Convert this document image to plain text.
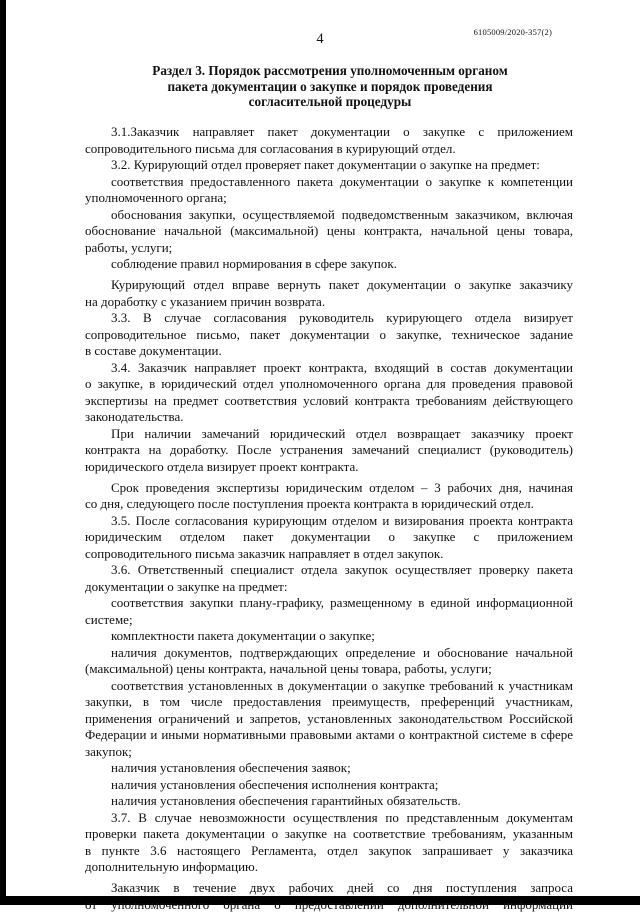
6105009/2020-357(2)
4
Раздел 3. Порядок рассмотрения уполномоченным органом
пакета документации о закупке и порядок проведения
согласительной процедуры
3.1.Заказчик направляет пакет документации о закупке с приложением
сопроводительного письма для согласования в курирующий отдел.
3.2. Курирующий отдел проверяет пакет документации о закупке на предмет:
соответствия предоставленного пакета документации о закупке к компетенции
уполномоченного органа;
обоснования закупки, осуществляемой подведомственным заказчиком, включая
обоснование начальной (максимальной) цены контракта, начальной цены товара,
работы, услуги;
соблюдение правил нормирования в сфере закупок.
Курирующий отдел вправе вернуть пакет документации о закупке заказчику
на доработку с указанием причин возврата.
3.3. В случае согласования руководитель курирующего отдела визирует
сопроводительное письмо, пакет документации о закупке, техническое задание
в составе документации.
3.4. Заказчик направляет проект контракта, входящий в состав документации
о закупке, в юридический отдел уполномоченного органа для проведения правовой
экспертизы на предмет соответствия условий контракта требованиям действующего
законодательства.
При наличии замечаний юридический отдел возвращает заказчику проект
контракта на доработку. После устранения замечаний специалист (руководитель)
юридического отдела визирует проект контракта.
Срок проведения экспертизы юридическим отделом – 3 рабочих дня, начиная
со дня, следующего после поступления проекта контракта в юридический отдел.
3.5. После согласования курирующим отделом и визирования проекта контракта
юридическим отделом пакет документации о закупке с приложением
сопроводительного письма заказчик направляет в отдел закупок.
3.6. Ответственный специалист отдела закупок осуществляет проверку пакета
документации о закупке на предмет:
соответствия закупки плану-графику, размещенному в единой информационной
системе;
комплектности пакета документации о закупке;
наличия документов, подтверждающих определение и обоснование начальной
(максимальной) цены контракта, начальной цены товара, работы, услуги;
соответствия установленных в документации о закупке требований к участникам
закупки, в том числе предоставления преимуществ, преференций участникам,
применения ограничений и запретов, установленных законодательством Российской
Федерации и иными нормативными правовыми актами о контрактной системе в сфере
закупок;
наличия установления обеспечения заявок;
наличия установления обеспечения исполнения контракта;
наличия установления обеспечения гарантийных обязательств.
3.7. В случае невозможности осуществления по представленным документам
проверки пакета документации о закупке на соответствие требованиям, указанным
в пункте 3.6 настоящего Регламента, отдел закупок запрашивает у заказчика
дополнительную информацию.
Заказчик в течение двух рабочих дней со дня поступления запроса
от уполномоченного органа о предоставлении дополнительной информации
